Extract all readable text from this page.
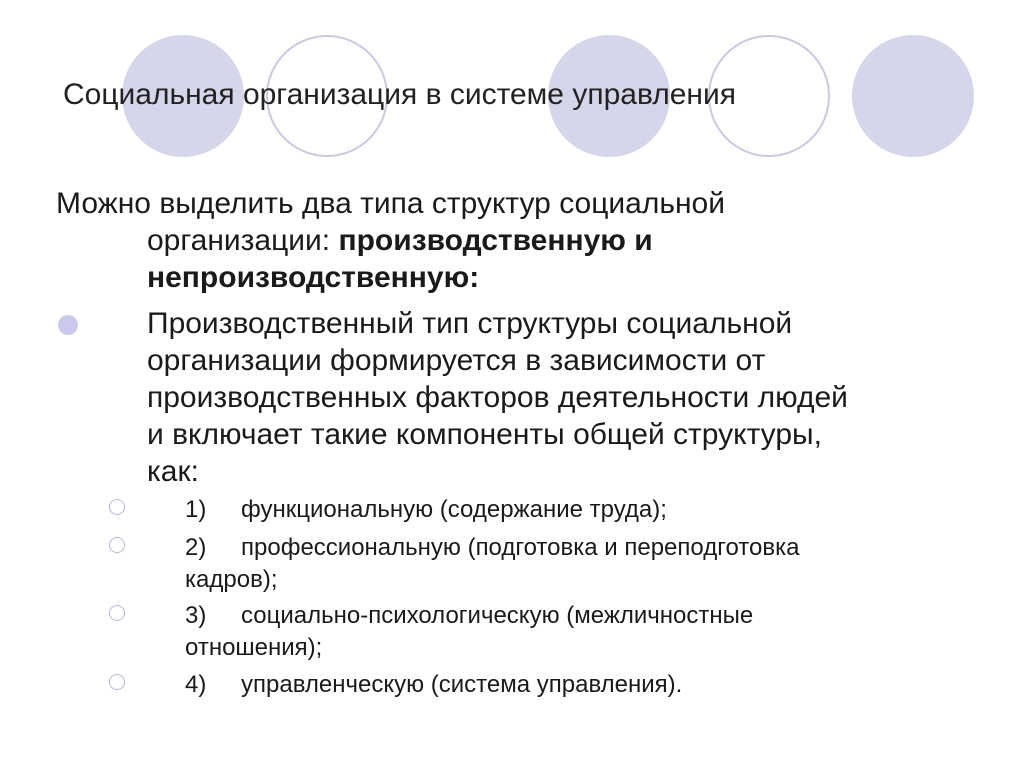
Социальная организация в системе управления
Можно выделить два типа структур социальной
организации: производственную и
непроизводственную:
Производственный тип структуры социальной
организации формируется в зависимости от
производственных факторов деятельности людей
и включает такие компоненты общей структуры,
как:
1) функциональную (содержание труда);
2) профессиональную (подготовка и переподготовка
кадров);
3) социально-психологическую (межличностные
отношения);
4) управленческую (система управления).
